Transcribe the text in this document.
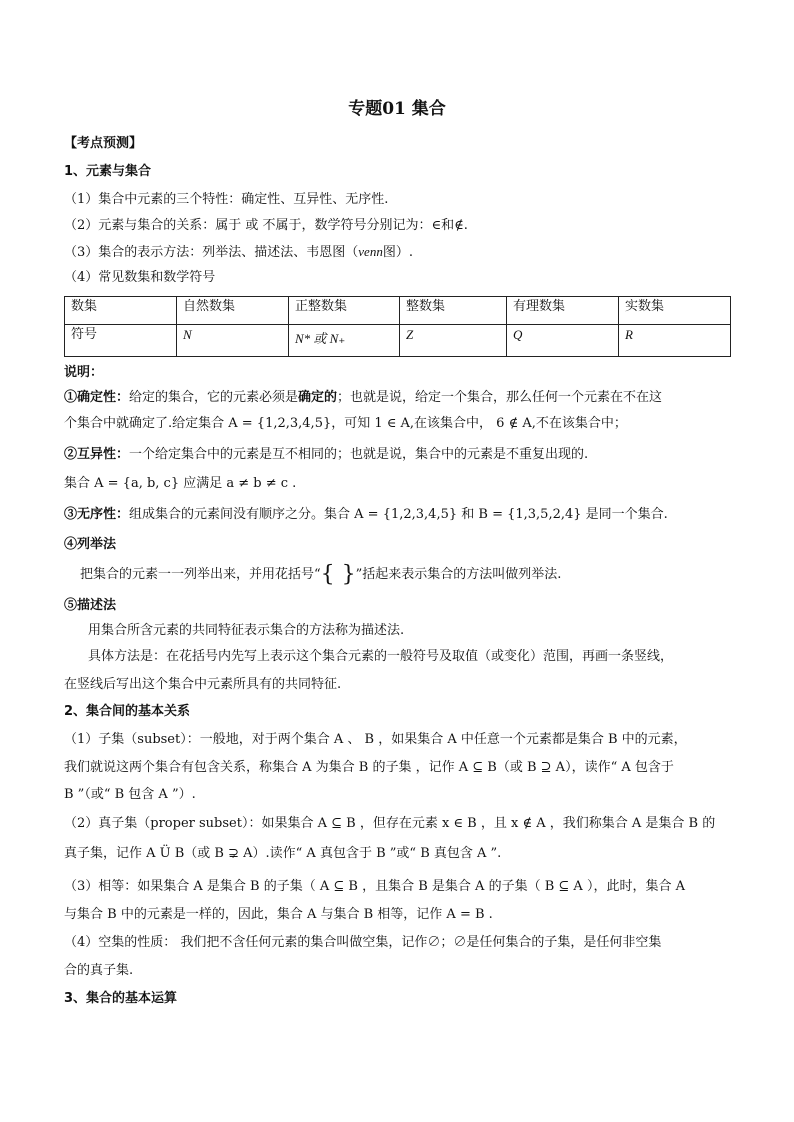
专题01 集合
【考点预测】
1、元素与集合
（1）集合中元素的三个特性：确定性、互异性、无序性.
（2）元素与集合的关系：属于 或 不属于，数学符号分别记为：∈和∉.
（3）集合的表示方法：列举法、描述法、韦恩图（venn图）.
（4）常见数集和数学符号
数集	自然数集	正整数集	整数集	有理数集	实数集
符号	N	N* 或 N₊	Z	Q	R
说明：
①确定性：给定的集合，它的元素必须是确定的；也就是说，给定一个集合，那么任何一个元素在不在这
个集合中就确定了.给定集合 A = {1,2,3,4,5}，可知 1 ∈ A,在该集合中， 6 ∉ A,不在该集合中；
②互异性：一个给定集合中的元素是互不相同的；也就是说，集合中的元素是不重复出现的.
集合 A = {a, b, c} 应满足 a ≠ b ≠ c .
③无序性：组成集合的元素间没有顺序之分。集合 A = {1,2,3,4,5} 和 B = {1,3,5,2,4} 是同一个集合.
④列举法
把集合的元素一一列举出来，并用花括号“{ }”括起来表示集合的方法叫做列举法.
⑤描述法
用集合所含元素的共同特征表示集合的方法称为描述法.
具体方法是：在花括号内先写上表示这个集合元素的一般符号及取值（或变化）范围，再画一条竖线，
在竖线后写出这个集合中元素所具有的共同特征.
2、集合间的基本关系
（1）子集（subset）：一般地，对于两个集合 A 、 B ，如果集合 A 中任意一个元素都是集合 B 中的元素，
我们就说这两个集合有包含关系，称集合 A 为集合 B 的子集 ，记作 A ⊆ B（或 B ⊇ A），读作“ A 包含于
B ”（或“ B 包含 A ”）.
（2）真子集（proper subset）：如果集合 A ⊆ B ，但存在元素 x ∈ B ，且 x ∉ A ，我们称集合 A 是集合 B 的
真子集，记作 A Ü B（或 B ⊋ A）.读作“ A 真包含于 B ”或“ B 真包含 A ”.
（3）相等：如果集合 A 是集合 B 的子集（ A ⊆ B ，且集合 B 是集合 A 的子集（ B ⊆ A ），此时，集合 A
与集合 B 中的元素是一样的，因此，集合 A 与集合 B 相等，记作 A = B .
（4）空集的性质： 我们把不含任何元素的集合叫做空集，记作∅；∅是任何集合的子集，是任何非空集
合的真子集.
3、集合的基本运算
